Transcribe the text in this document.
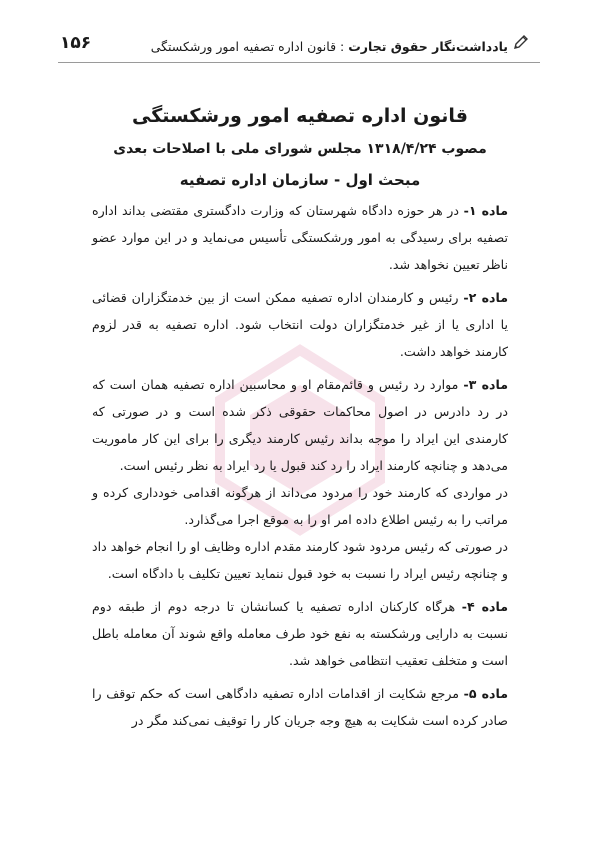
یادداشت‌نگار حقوق تجارت : قانون اداره تصفیه امور ورشکستگی
۱۵۶
قانون اداره تصفیه امور ورشکستگی
مصوب ۱۳۱۸/۴/۲۴ مجلس شورای ملی با اصلاحات بعدی
مبحث اول - سازمان اداره تصفیه

ماده ۱- در هر حوزه دادگاه شهرستان که وزارت دادگستری مقتضی بداند اداره تصفیه برای رسیدگی به امور ورشکستگی تأسیس می‌نماید و در این موارد عضو ناظر تعیین نخواهد شد.

ماده ۲- رئیس و کارمندان اداره تصفیه ممکن است از بین خدمتگزاران قضائی یا اداری یا از غیر خدمتگزاران دولت انتخاب شود. اداره تصفیه به قدر لزوم کارمند خواهد داشت.

ماده ۳- موارد رد رئیس و قائم‌مقام او و محاسبین اداره تصفیه همان است که در رد دادرس در اصول محاکمات حقوقی ذکر شده است و در صورتی که کارمندی این ایراد را موجه بداند رئیس کارمند دیگری را برای این کار ماموریت می‌دهد و چنانچه کارمند ایراد را رد کند قبول یا رد ایراد به نظر رئیس است.

در مواردی که کارمند خود را مردود می‌داند از هرگونه اقدامی خودداری کرده و مراتب را به رئیس اطلاع داده امر او را به موقع اجرا می‌گذارد.

در صورتی که رئیس مردود شود کارمند مقدم اداره وظایف او را انجام خواهد داد و چنانچه رئیس ایراد را نسبت به خود قبول ننماید تعیین تکلیف با دادگاه است.

ماده ۴- هرگاه کارکنان اداره تصفیه یا کسانشان تا درجه دوم از طبقه دوم نسبت به دارایی ورشکسته به نفع خود طرف معامله واقع شوند آن معامله باطل است و متخلف تعقیب انتظامی خواهد شد.

ماده ۵- مرجع شکایت از اقدامات اداره تصفیه دادگاهی است که حکم توقف را صادر کرده است شکایت به هیچ وجه جریان کار را توقیف نمی‌کند مگر در
